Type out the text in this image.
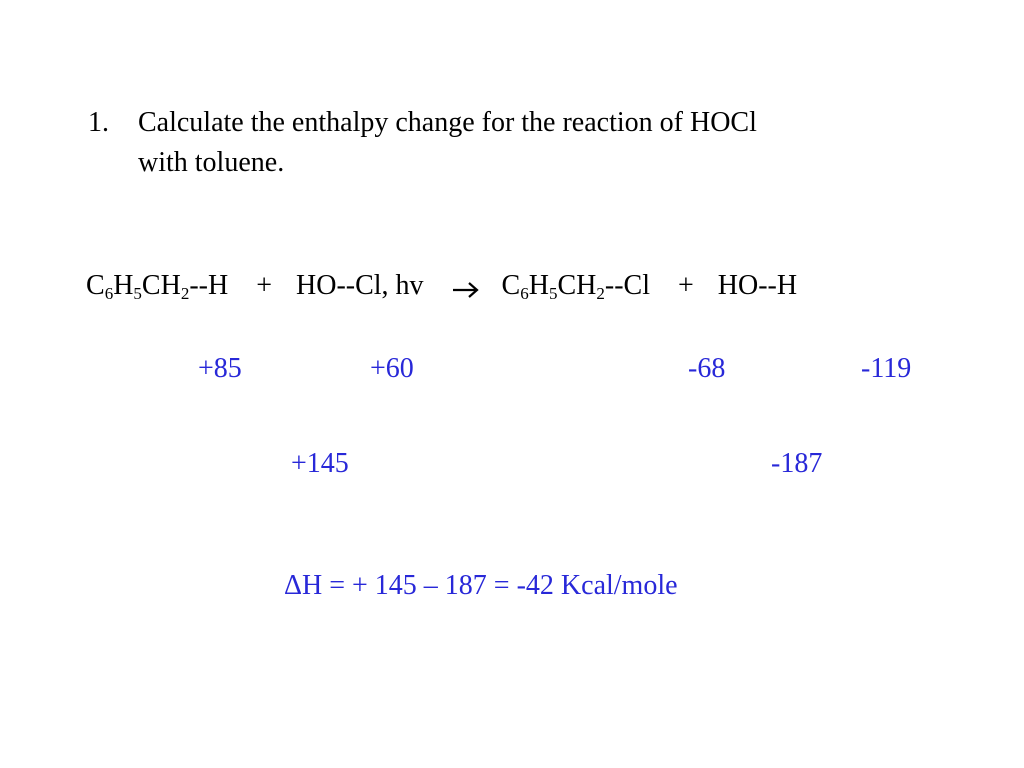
1. Calculate the enthalpy change for the reaction of HOCl
with toluene.
$C_6H_5CH_2--H + HO--Cl$, hv	$C_6H_5CH_2--Cl + HO--H$
+85	+60	-68	-119
+145	-187
ΔH = + 145 – 187 = -42 Kcal/mole
